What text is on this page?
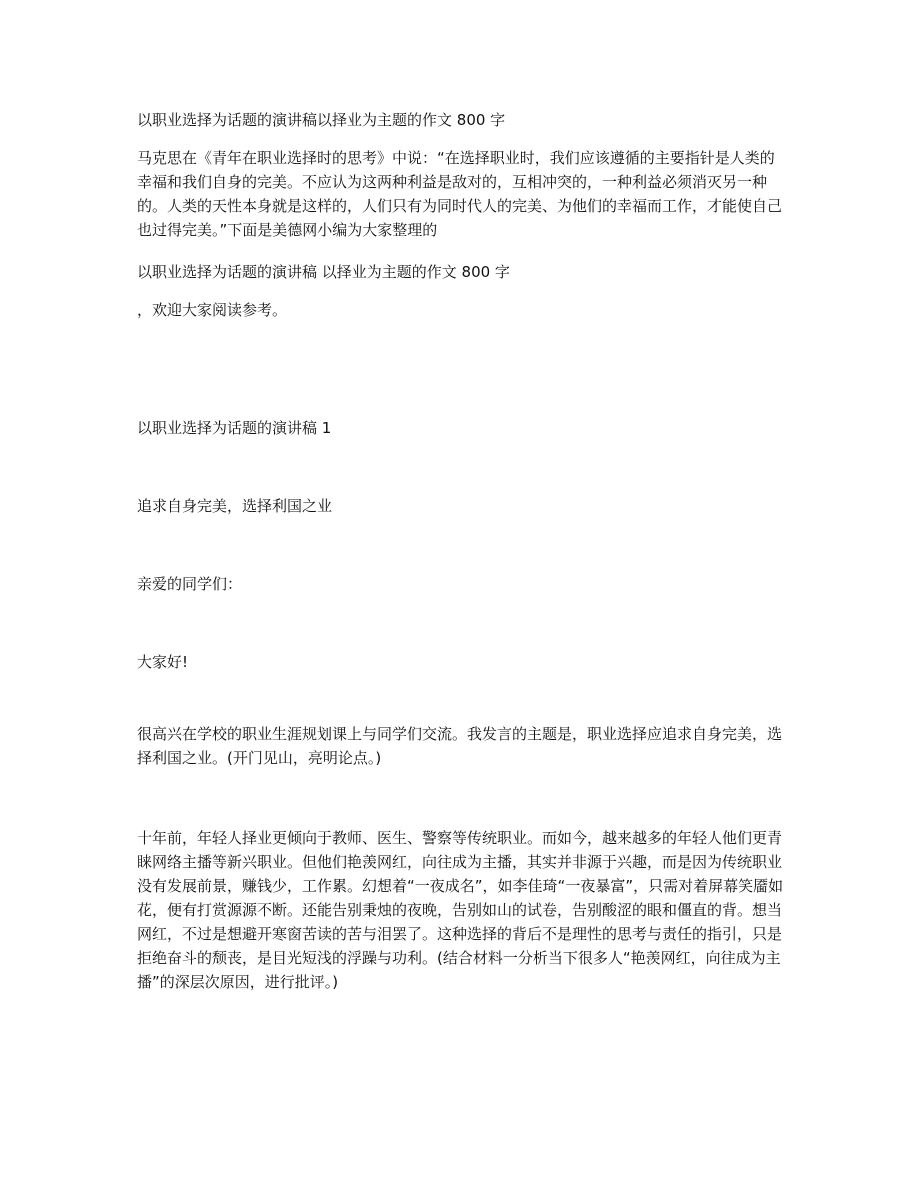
以职业选择为话题的演讲稿以择业为主题的作文 800 字
马克思在《青年在职业选择时的思考》中说：“在选择职业时，我们应该遵循的主要指针是人类的幸福和我们自身的完美。不应认为这两种利益是敌对的，互相冲突的，一种利益必须消灭另一种的。人类的天性本身就是这样的，人们只有为同时代人的完美、为他们的幸福而工作，才能使自己也过得完美。”下面是美德网小编为大家整理的
以职业选择为话题的演讲稿 以择业为主题的作文 800 字
，欢迎大家阅读参考。
以职业选择为话题的演讲稿 1
追求自身完美，选择利国之业
亲爱的同学们：
大家好!
很高兴在学校的职业生涯规划课上与同学们交流。我发言的主题是，职业选择应追求自身完美，选择利国之业。(开门见山，亮明论点。)
十年前，年轻人择业更倾向于教师、医生、警察等传统职业。而如今，越来越多的年轻人他们更青睐网络主播等新兴职业。但他们艳羡网红，向往成为主播，其实并非源于兴趣，而是因为传统职业没有发展前景，赚钱少，工作累。幻想着“一夜成名”，如李佳琦“一夜暴富”，只需对着屏幕笑靥如花，便有打赏源源不断。还能告别秉烛的夜晚，告别如山的试卷，告别酸涩的眼和僵直的背。想当网红，不过是想避开寒窗苦读的苦与泪罢了。这种选择的背后不是理性的思考与责任的指引，只是拒绝奋斗的颓丧，是目光短浅的浮躁与功利。(结合材料一分析当下很多人“艳羡网红，向往成为主播”的深层次原因，进行批评。)
